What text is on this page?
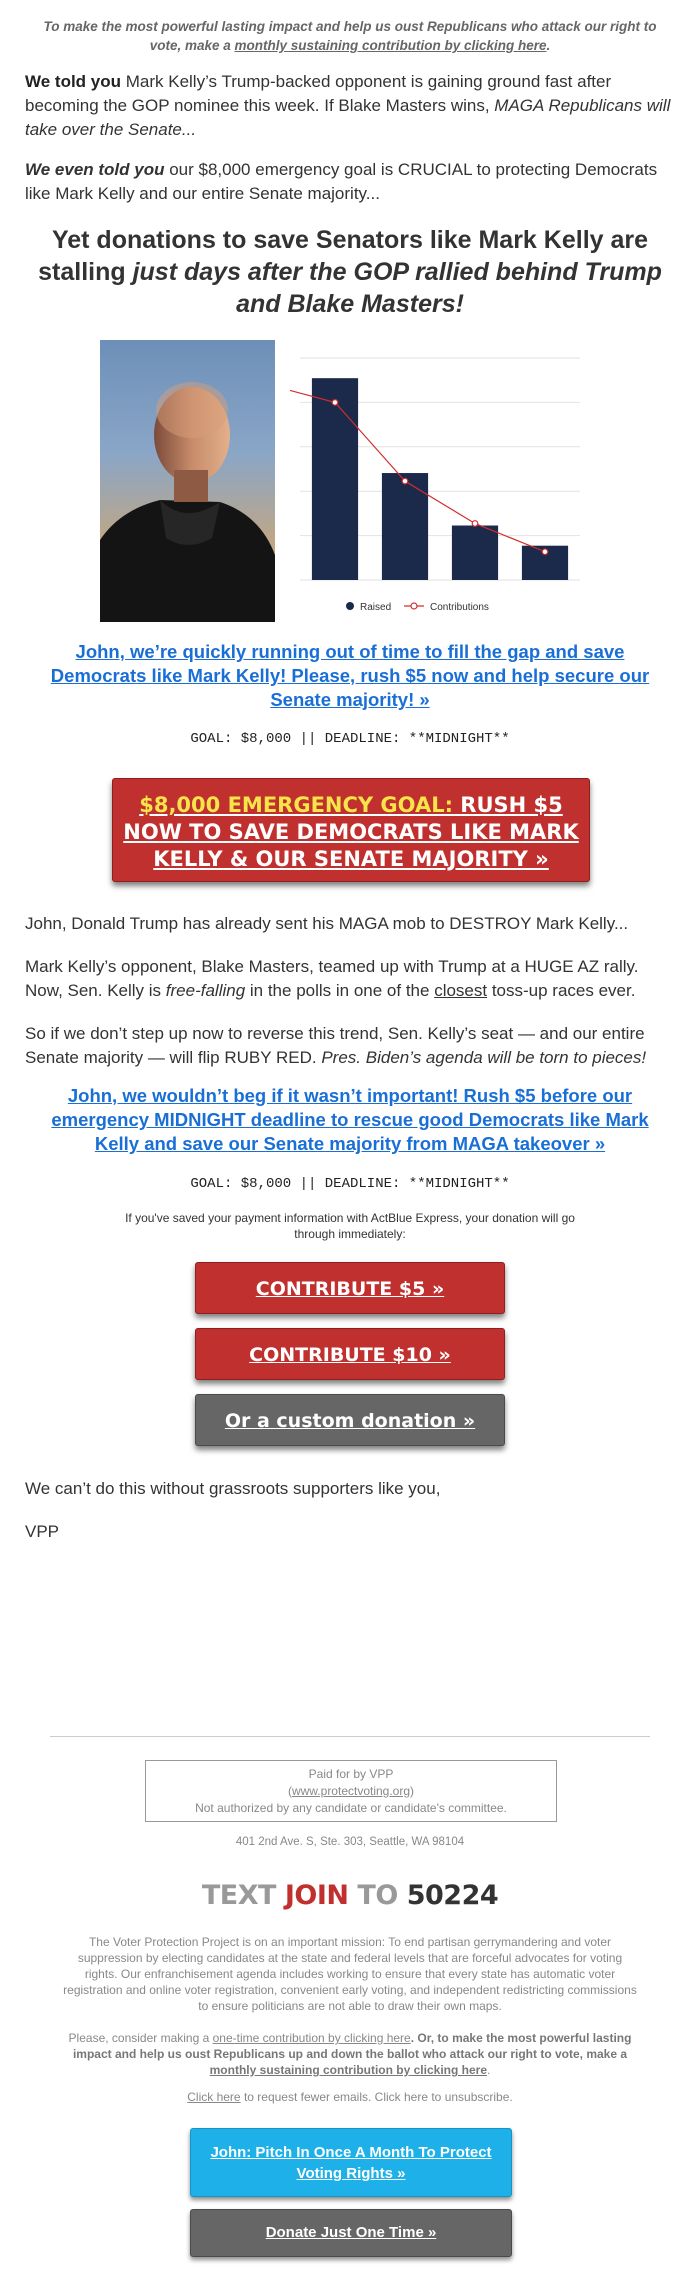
To make the most powerful lasting impact and help us oust Republicans who attack our right to vote, make a monthly sustaining contribution by clicking here.
We told you Mark Kelly’s Trump-backed opponent is gaining ground fast after becoming the GOP nominee this week. If Blake Masters wins, MAGA Republicans will take over the Senate...
We even told you our $8,000 emergency goal is CRUCIAL to protecting Democrats like Mark Kelly and our entire Senate majority...
Yet donations to save Senators like Mark Kelly are stalling just days after the GOP rallied behind Trump and Blake Masters!
Raised	Contributions
John, we’re quickly running out of time to fill the gap and save Democrats like Mark Kelly! Please, rush $5 now and help secure our Senate majority! »
GOAL: $8,000 || DEADLINE: **MIDNIGHT**
$8,000 EMERGENCY GOAL: RUSH $5 NOW TO SAVE DEMOCRATS LIKE MARK KELLY & OUR SENATE MAJORITY »
John, Donald Trump has already sent his MAGA mob to DESTROY Mark Kelly...
Mark Kelly’s opponent, Blake Masters, teamed up with Trump at a HUGE AZ rally. Now, Sen. Kelly is free-falling in the polls in one of the closest toss-up races ever.
So if we don’t step up now to reverse this trend, Sen. Kelly’s seat — and our entire Senate majority — will flip RUBY RED. Pres. Biden’s agenda will be torn to pieces!
John, we wouldn’t beg if it wasn’t important! Rush $5 before our emergency MIDNIGHT deadline to rescue good Democrats like Mark Kelly and save our Senate majority from MAGA takeover »
GOAL: $8,000 || DEADLINE: **MIDNIGHT**
If you've saved your payment information with ActBlue Express, your donation will go through immediately:
CONTRIBUTE $5 »
CONTRIBUTE $10 »
Or a custom donation »
We can’t do this without grassroots supporters like you,
VPP
Paid for by VPP
(www.protectvoting.org)
Not authorized by any candidate or candidate's committee.
401 2nd Ave. S, Ste. 303, Seattle, WA 98104
TEXT JOIN TO 50224
The Voter Protection Project is on an important mission: To end partisan gerrymandering and voter suppression by electing candidates at the state and federal levels that are forceful advocates for voting rights. Our enfranchisement agenda includes working to ensure that every state has automatic voter registration and online voter registration, convenient early voting, and independent redistricting commissions to ensure politicians are not able to draw their own maps.
Please, consider making a one-time contribution by clicking here. Or, to make the most powerful lasting impact and help us oust Republicans up and down the ballot who attack our right to vote, make a monthly sustaining contribution by clicking here.
Click here to request fewer emails. Click here to unsubscribe.
John: Pitch In Once A Month To Protect Voting Rights »
Donate Just One Time »
